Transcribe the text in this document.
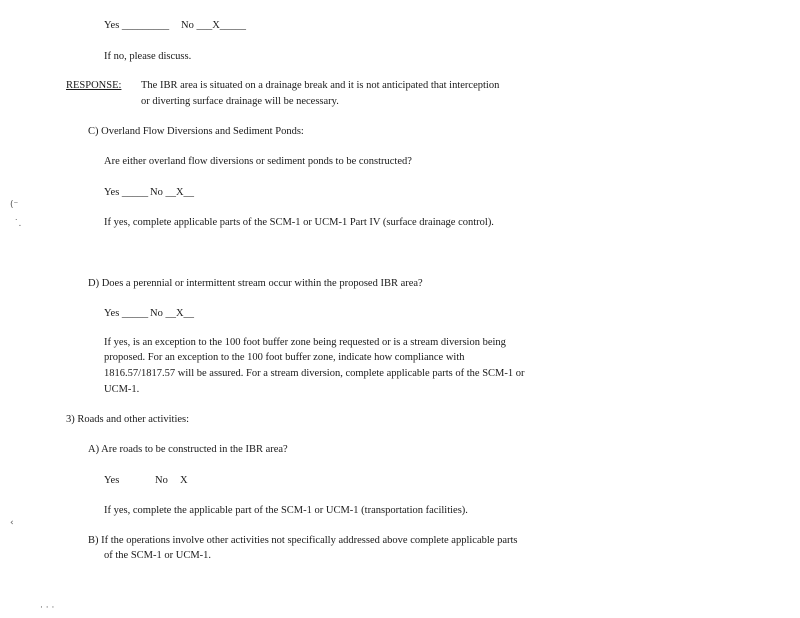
Yes _________ No ___X_____
If no, please discuss.
RESPONSE: The IBR area is situated on a drainage break and it is not anticipated that interception
or diverting surface drainage will be necessary.
C) Overland Flow Diversions and Sediment Ponds:
Are either overland flow diversions or sediment ponds to be constructed?
Yes _____ No __X__
If yes, complete applicable parts of the SCM-1 or UCM-1 Part IV (surface drainage control).
(⁻
˙.
D) Does a perennial or intermittent stream occur within the proposed IBR area?
Yes _____ No __X__
If yes, is an exception to the 100 foot buffer zone being requested or is a stream diversion being
proposed. For an exception to the 100 foot buffer zone, indicate how compliance with
1816.57/1817.57 will be assured. For a stream diversion, complete applicable parts of the SCM-1 or
UCM-1.
3) Roads and other activities:
A) Are roads to be constructed in the IBR area?
Yes	No X
If yes, complete the applicable part of the SCM-1 or UCM-1 (transportation facilities).
‹
B) If the operations involve other activities not specifically addressed above complete applicable parts
of the SCM-1 or UCM-1.
· · ·
